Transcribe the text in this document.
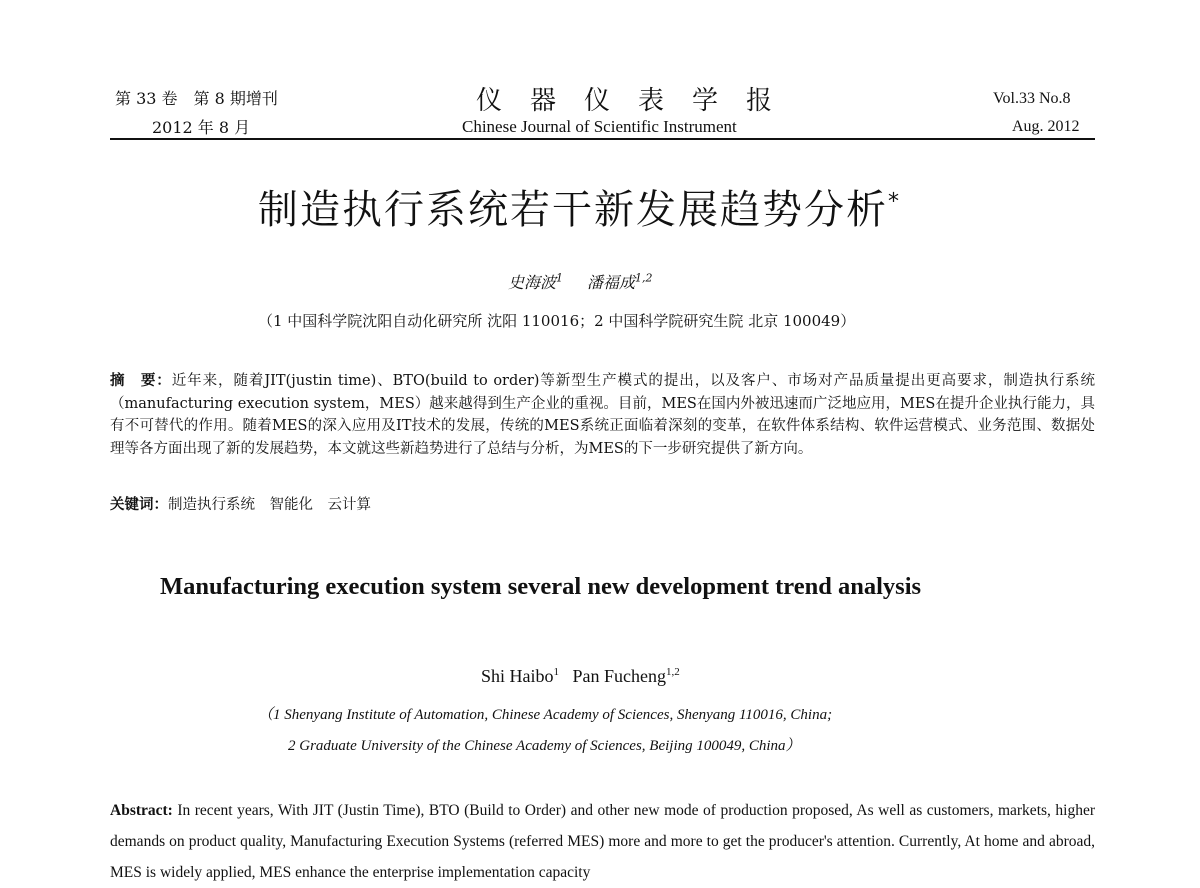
第 33 卷　第 8 期增刊
2012 年 8 月
仪器仪表学报
Chinese Journal of Scientific Instrument
Vol.33 No.8
Aug. 2012
制造执行系统若干新发展趋势分析*
史海波$^1$ 潘福成$^{1,2}$
（1 中国科学院沈阳自动化研究所 沈阳 110016；2 中国科学院研究生院 北京 100049）
摘　要：近年来，随着JIT(justin time)、BTO(build to order)等新型生产模式的提出，以及客户、市场对产品质量提出更高要求，制造执行系统（manufacturing execution system，MES）越来越得到生产企业的重视。目前，MES在国内外被迅速而广泛地应用，MES在提升企业执行能力，具有不可替代的作用。随着MES的深入应用及IT技术的发展，传统的MES系统正面临着深刻的变革，在软件体系结构、软件运营模式、业务范围、数据处理等各方面出现了新的发展趋势，本文就这些新趋势进行了总结与分析，为MES的下一步研究提供了新方向。
关键词：制造执行系统　智能化　云计算
Manufacturing execution system several new development trend analysis
Shi Haibo$^1$ Pan Fucheng$^{1,2}$
（1 Shenyang Institute of Automation, Chinese Academy of Sciences, Shenyang 110016, China;
2 Graduate University of the Chinese Academy of Sciences, Beijing 100049, China）
Abstract: In recent years, With JIT (Justin Time), BTO (Build to Order) and other new mode of production proposed, As well as customers, markets, higher demands on product quality, Manufacturing Execution Systems (referred MES) more and more to get the producer's attention. Currently, At home and abroad, MES is widely applied, MES enhance the enterprise implementation capacity
